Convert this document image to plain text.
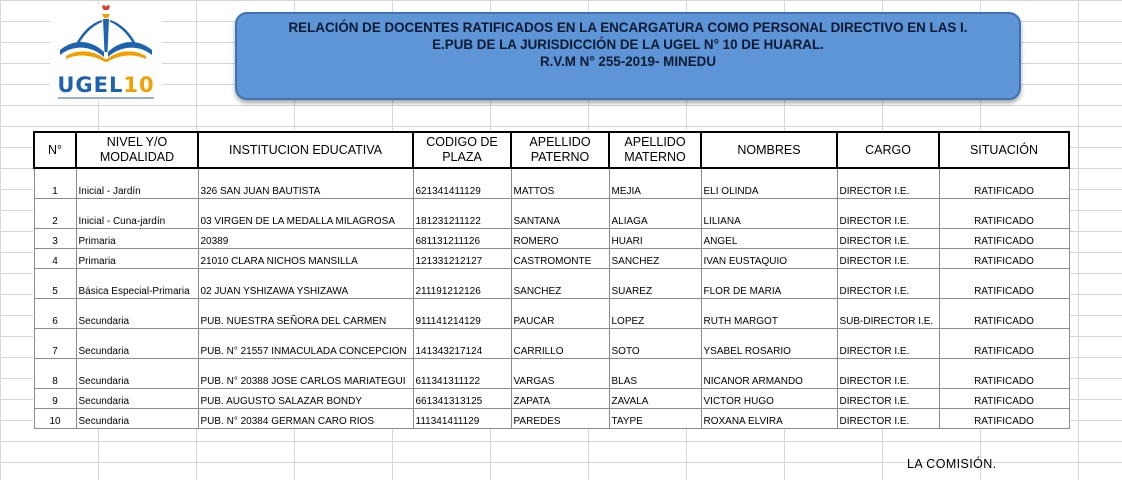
UGEL10
RELACIÓN DE DOCENTES RATIFICADOS EN LA ENCARGATURA COMO PERSONAL DIRECTIVO EN LAS I.
E.PUB DE LA JURISDICCIÓN DE LA UGEL N° 10 DE HUARAL.
R.V.M N° 255-2019- MINEDU
N°	NIVEL Y/O MODALIDAD	INSTITUCION EDUCATIVA	CODIGO DE PLAZA	APELLIDO PATERNO	APELLIDO MATERNO	NOMBRES	CARGO	SITUACIÓN
1	Inicial - Jardín	326 SAN JUAN BAUTISTA	621341411129	MATTOS	MEJIA	ELI OLINDA	DIRECTOR I.E.	RATIFICADO
2	Inicial - Cuna-jardín	03 VIRGEN DE LA MEDALLA MILAGROSA	181231211122	SANTANA	ALIAGA	LILIANA	DIRECTOR I.E.	RATIFICADO
3	Primaria	20389	681131211126	ROMERO	HUARI	ANGEL	DIRECTOR I.E.	RATIFICADO
4	Primaria	21010 CLARA NICHOS MANSILLA	121331212127	CASTROMONTE	SANCHEZ	IVAN EUSTAQUIO	DIRECTOR I.E.	RATIFICADO
5	Básica Especial-Primaria	02 JUAN YSHIZAWA YSHIZAWA	211191212126	SANCHEZ	SUAREZ	FLOR DE MARIA	DIRECTOR I.E.	RATIFICADO
6	Secundaria	PUB. NUESTRA SEÑORA DEL CARMEN	911141214129	PAUCAR	LOPEZ	RUTH MARGOT	SUB-DIRECTOR I.E.	RATIFICADO
7	Secundaria	PUB. N° 21557 INMACULADA CONCEPCION	141343217124	CARRILLO	SOTO	YSABEL ROSARIO	DIRECTOR I.E.	RATIFICADO
8	Secundaria	PUB. N° 20388 JOSE CARLOS MARIATEGUI	611341311122	VARGAS	BLAS	NICANOR ARMANDO	DIRECTOR I.E.	RATIFICADO
9	Secundaria	PUB. AUGUSTO SALAZAR BONDY	661341313125	ZAPATA	ZAVALA	VICTOR HUGO	DIRECTOR I.E.	RATIFICADO
10	Secundaria	PUB. N° 20384 GERMAN CARO RIOS	111341411129	PAREDES	TAYPE	ROXANA ELVIRA	DIRECTOR I.E.	RATIFICADO
LA COMISIÓN.
